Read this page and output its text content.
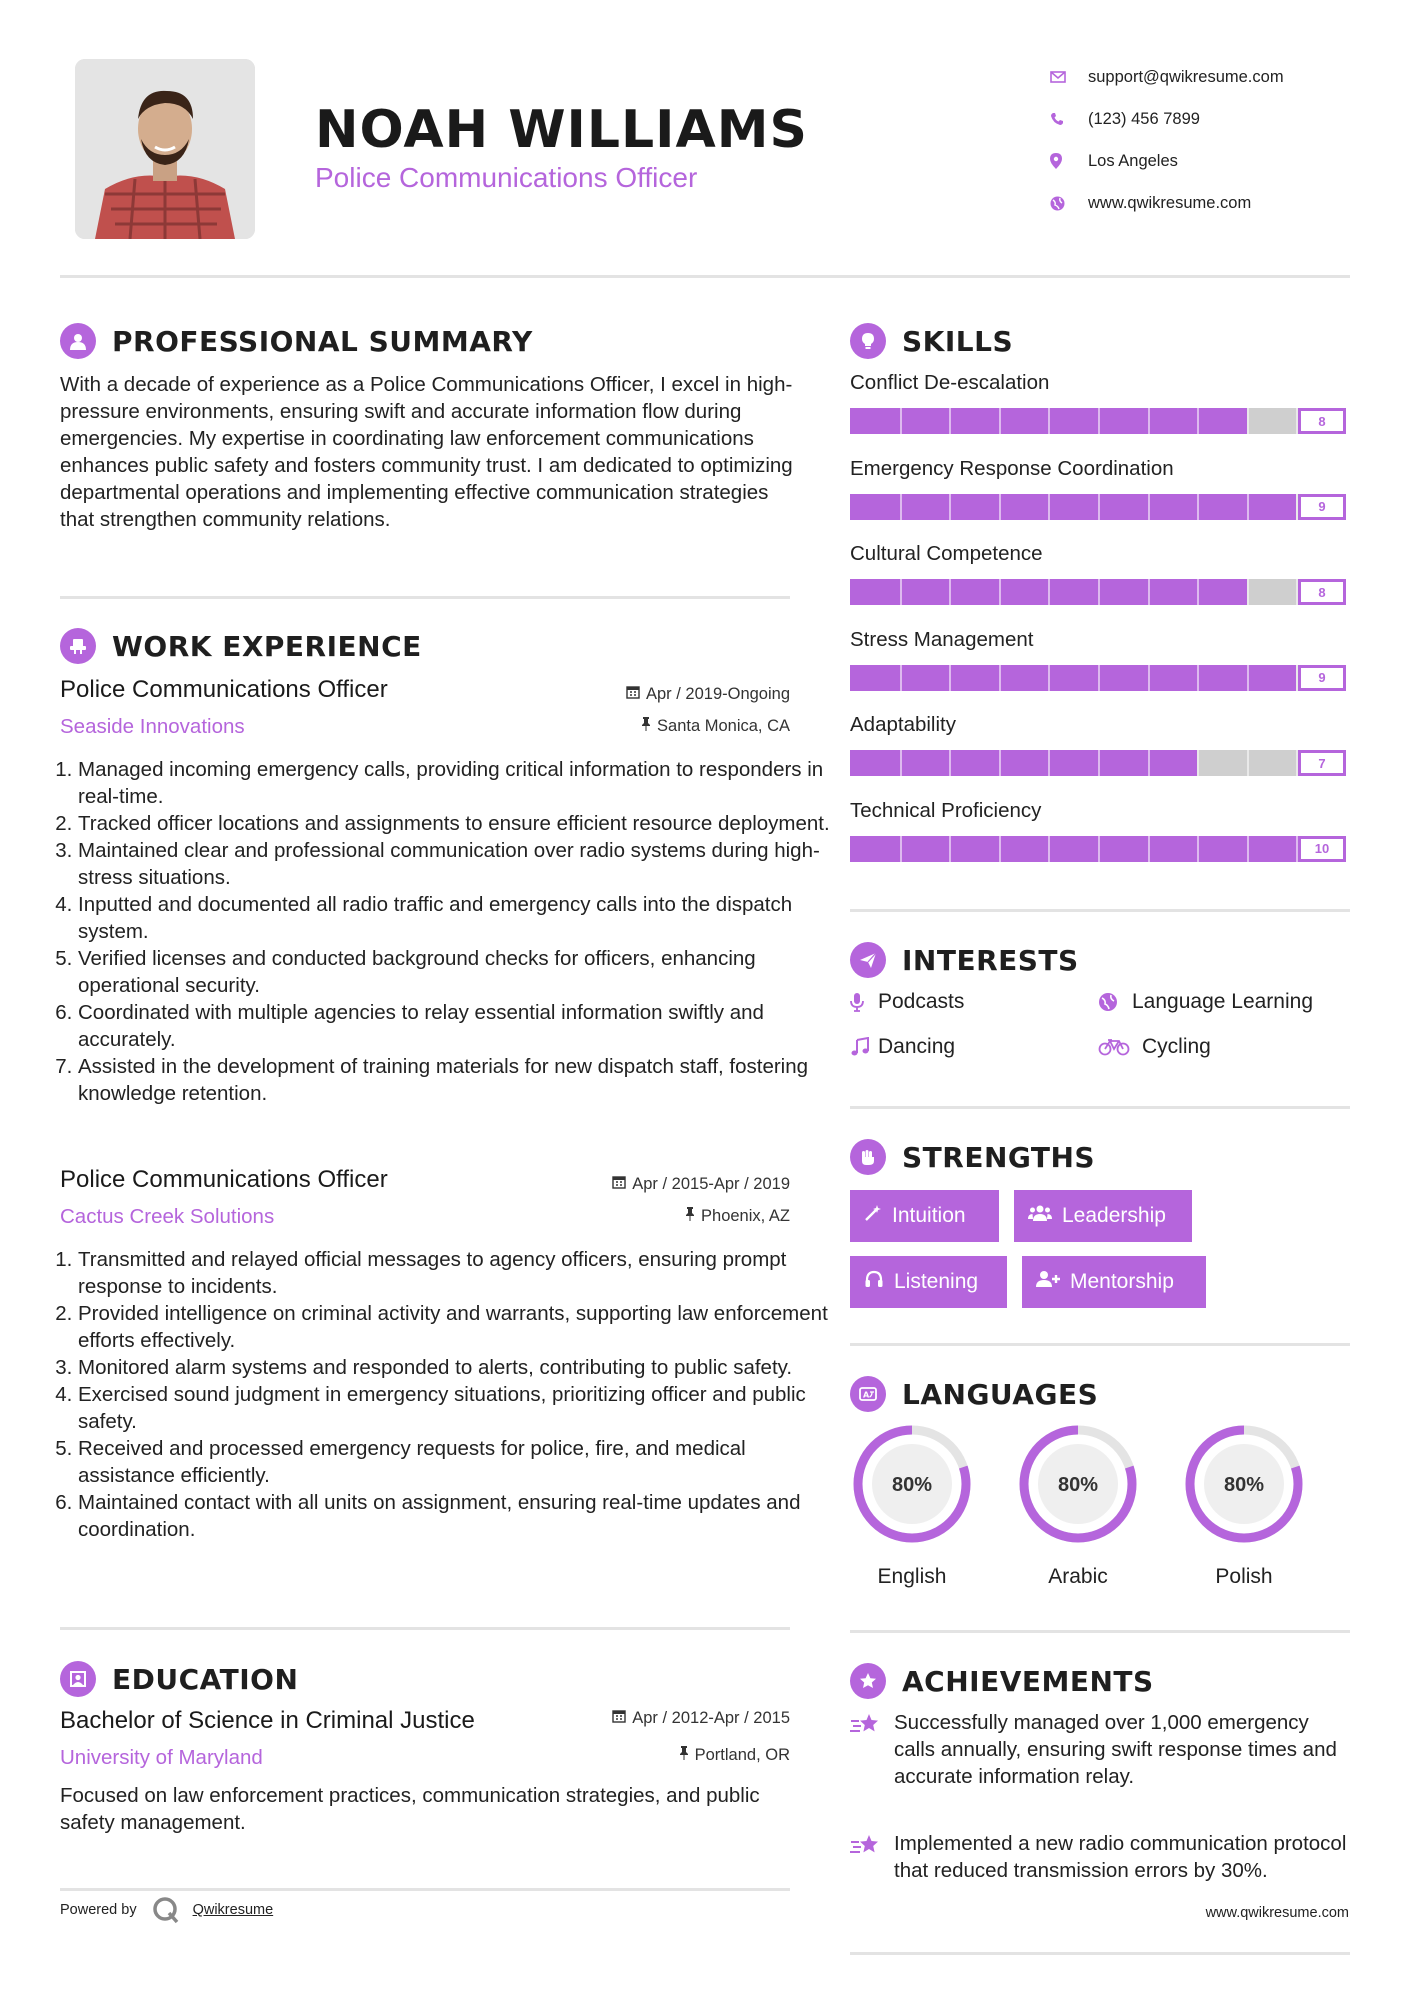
NOAH WILLIAMS
Police Communications Officer
support@qwikresume.com
(123) 456 7899
Los Angeles
www.qwikresume.com
PROFESSIONAL SUMMARY
With a decade of experience as a Police Communications Officer, I excel in high-pressure environments, ensuring swift and accurate information flow during emergencies. My expertise in coordinating law enforcement communications enhances public safety and fosters community trust. I am dedicated to optimizing departmental operations and implementing effective communication strategies that strengthen community relations.
WORK EXPERIENCE
Police Communications Officer	Apr / 2019-Ongoing
Seaside Innovations	Santa Monica, CA
1. Managed incoming emergency calls, providing critical information to responders in real-time.
2. Tracked officer locations and assignments to ensure efficient resource deployment.
3. Maintained clear and professional communication over radio systems during high-stress situations.
4. Inputted and documented all radio traffic and emergency calls into the dispatch system.
5. Verified licenses and conducted background checks for officers, enhancing operational security.
6. Coordinated with multiple agencies to relay essential information swiftly and accurately.
7. Assisted in the development of training materials for new dispatch staff, fostering knowledge retention.
Police Communications Officer	Apr / 2015-Apr / 2019
Cactus Creek Solutions	Phoenix, AZ
1. Transmitted and relayed official messages to agency officers, ensuring prompt response to incidents.
2. Provided intelligence on criminal activity and warrants, supporting law enforcement efforts effectively.
3. Monitored alarm systems and responded to alerts, contributing to public safety.
4. Exercised sound judgment in emergency situations, prioritizing officer and public safety.
5. Received and processed emergency requests for police, fire, and medical assistance efficiently.
6. Maintained contact with all units on assignment, ensuring real-time updates and coordination.
EDUCATION
Bachelor of Science in Criminal Justice	Apr / 2012-Apr / 2015
University of Maryland	Portland, OR
Focused on law enforcement practices, communication strategies, and public safety management.
Powered by	Qwikresume
SKILLS
Conflict De-escalation
8
Emergency Response Coordination
9
Cultural Competence
8
Stress Management
9
Adaptability
7
Technical Proficiency
10
INTERESTS
Podcasts	Language Learning
Dancing	Cycling
STRENGTHS
Intuition	Leadership
Listening	Mentorship
A LANGUAGES
80%
English
80%
Arabic
80%
Polish
ACHIEVEMENTS
Successfully managed over 1,000 emergency calls annually, ensuring swift response times and accurate information relay.
Implemented a new radio communication protocol that reduced transmission errors by 30%.
www.qwikresume.com
